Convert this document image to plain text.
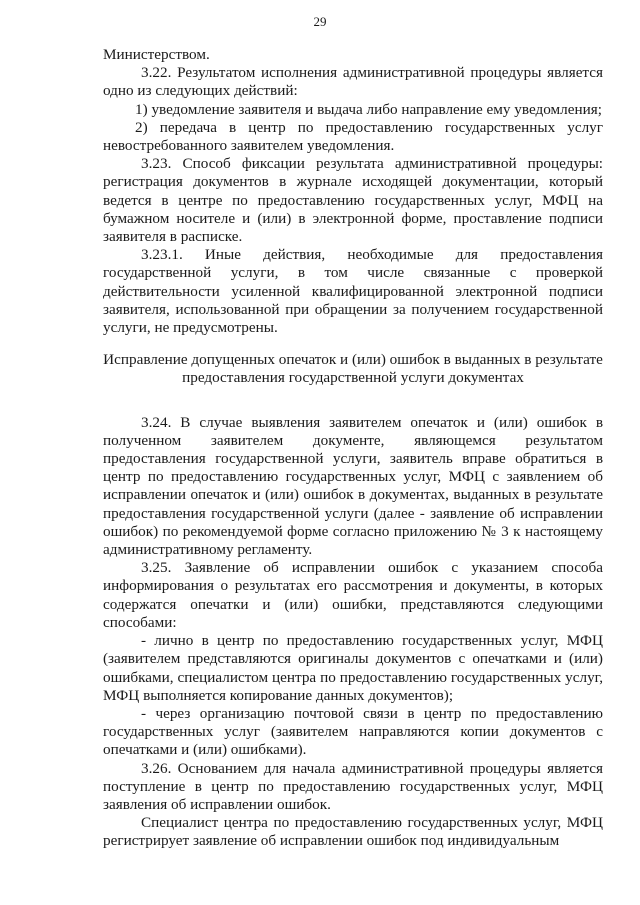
29

Министерством.

3.22. Результатом исполнения административной процедуры является одно из следующих действий:

1) уведомление заявителя и выдача либо направление ему уведомления;

2) передача в центр по предоставлению государственных услуг невостребованного заявителем уведомления.

3.23. Способ фиксации результата административной процедуры: регистрация документов в журнале исходящей документации, который ведется в центре по предоставлению государственных услуг, МФЦ на бумажном носителе и (или) в электронной форме, проставление подписи заявителя в расписке.

3.23.1. Иные действия, необходимые для предоставления государственной услуги, в том числе связанные с проверкой действительности усиленной квалифицированной электронной подписи заявителя, использованной при обращении за получением государственной услуги, не предусмотрены.

Исправление допущенных опечаток и (или) ошибок в выданных в результате предоставления государственной услуги документах

3.24. В случае выявления заявителем опечаток и (или) ошибок в полученном заявителем документе, являющемся результатом предоставления государственной услуги, заявитель вправе обратиться в центр по предоставлению государственных услуг, МФЦ с заявлением об исправлении опечаток и (или) ошибок в документах, выданных в результате предоставления государственной услуги (далее - заявление об исправлении ошибок) по рекомендуемой форме согласно приложению № 3 к настоящему административному регламенту.

3.25. Заявление об исправлении ошибок с указанием способа информирования о результатах его рассмотрения и документы, в которых содержатся опечатки и (или) ошибки, представляются следующими способами:

- лично в центр по предоставлению государственных услуг, МФЦ (заявителем представляются оригиналы документов с опечатками и (или) ошибками, специалистом центра по предоставлению государственных услуг, МФЦ выполняется копирование данных документов);

- через организацию почтовой связи в центр по предоставлению государственных услуг (заявителем направляются копии документов с опечатками и (или) ошибками).

3.26. Основанием для начала административной процедуры является поступление в центр по предоставлению государственных услуг, МФЦ заявления об исправлении ошибок.

Специалист центра по предоставлению государственных услуг, МФЦ регистрирует заявление об исправлении ошибок под индивидуальным
